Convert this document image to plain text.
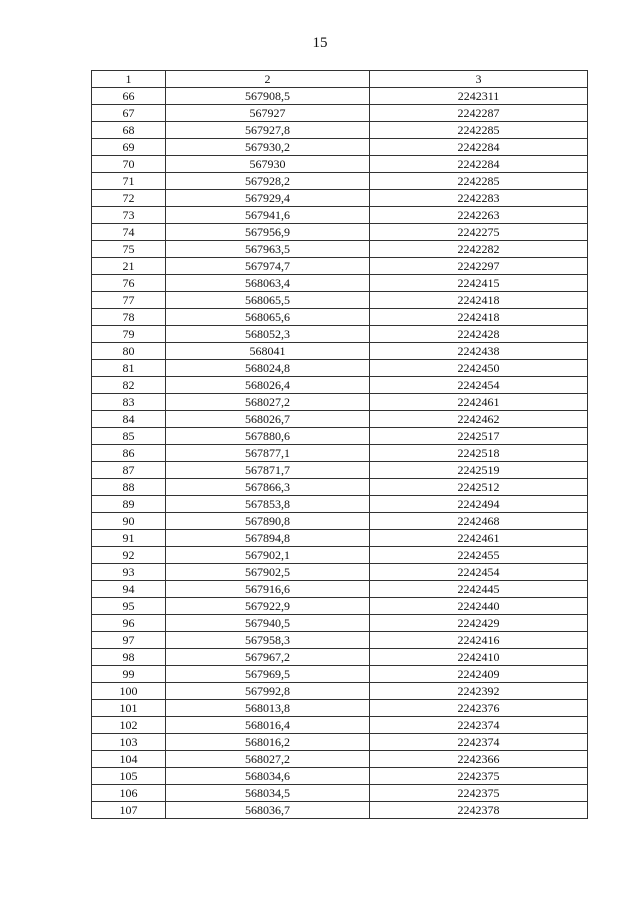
15
1	2	3
66	567908,5	2242311
67	567927	2242287
68	567927,8	2242285
69	567930,2	2242284
70	567930	2242284
71	567928,2	2242285
72	567929,4	2242283
73	567941,6	2242263
74	567956,9	2242275
75	567963,5	2242282
21	567974,7	2242297
76	568063,4	2242415
77	568065,5	2242418
78	568065,6	2242418
79	568052,3	2242428
80	568041	2242438
81	568024,8	2242450
82	568026,4	2242454
83	568027,2	2242461
84	568026,7	2242462
85	567880,6	2242517
86	567877,1	2242518
87	567871,7	2242519
88	567866,3	2242512
89	567853,8	2242494
90	567890,8	2242468
91	567894,8	2242461
92	567902,1	2242455
93	567902,5	2242454
94	567916,6	2242445
95	567922,9	2242440
96	567940,5	2242429
97	567958,3	2242416
98	567967,2	2242410
99	567969,5	2242409
100	567992,8	2242392
101	568013,8	2242376
102	568016,4	2242374
103	568016,2	2242374
104	568027,2	2242366
105	568034,6	2242375
106	568034,5	2242375
107	568036,7	2242378
